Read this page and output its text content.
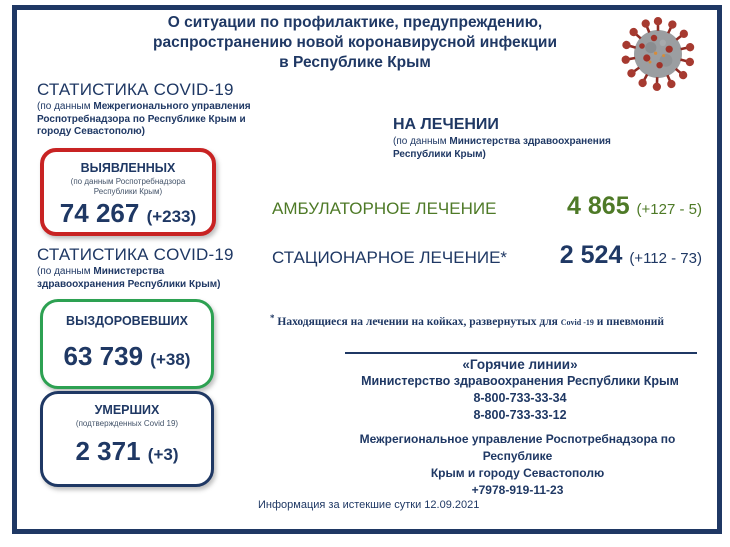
О ситуации по профилактике, предупреждению,
распространению новой коронавирусной инфекции
в Республике Крым
СТАТИСТИКА COVID-19
(по данным Межрегионального управления Роспотребнадзора по Республике Крым и городу Севастополю)
ВЫЯВЛЕННЫХ
(по данным Роспотребнадзора
Республики Крым)
74 267 (+233)
СТАТИСТИКА COVID-19
(по данным Министерства здравоохранения Республики Крым)
ВЫЗДОРОВЕВШИХ
63 739 (+38)
УМЕРШИХ
(подтвержденных Covid 19)
2 371 (+3)
НА ЛЕЧЕНИИ
(по данным Министерства здравоохранения Республики Крым)
АМБУЛАТОРНОЕ ЛЕЧЕНИЕ	4 865 (+127 - 5)
СТАЦИОНАРНОЕ ЛЕЧЕНИЕ* 2 524 (+112 - 73)
* Находящиеся на лечении на койках, развернутых для Covid -19 и пневмоний
«Горячие линии»
Министерство здравоохранения Республики Крым
8-800-733-33-34
8-800-733-33-12
Межрегиональное управление Роспотребнадзора по Республике
Крым и городу Севастополю
+7978-919-11-23
Информация за истекшие сутки 12.09.2021
